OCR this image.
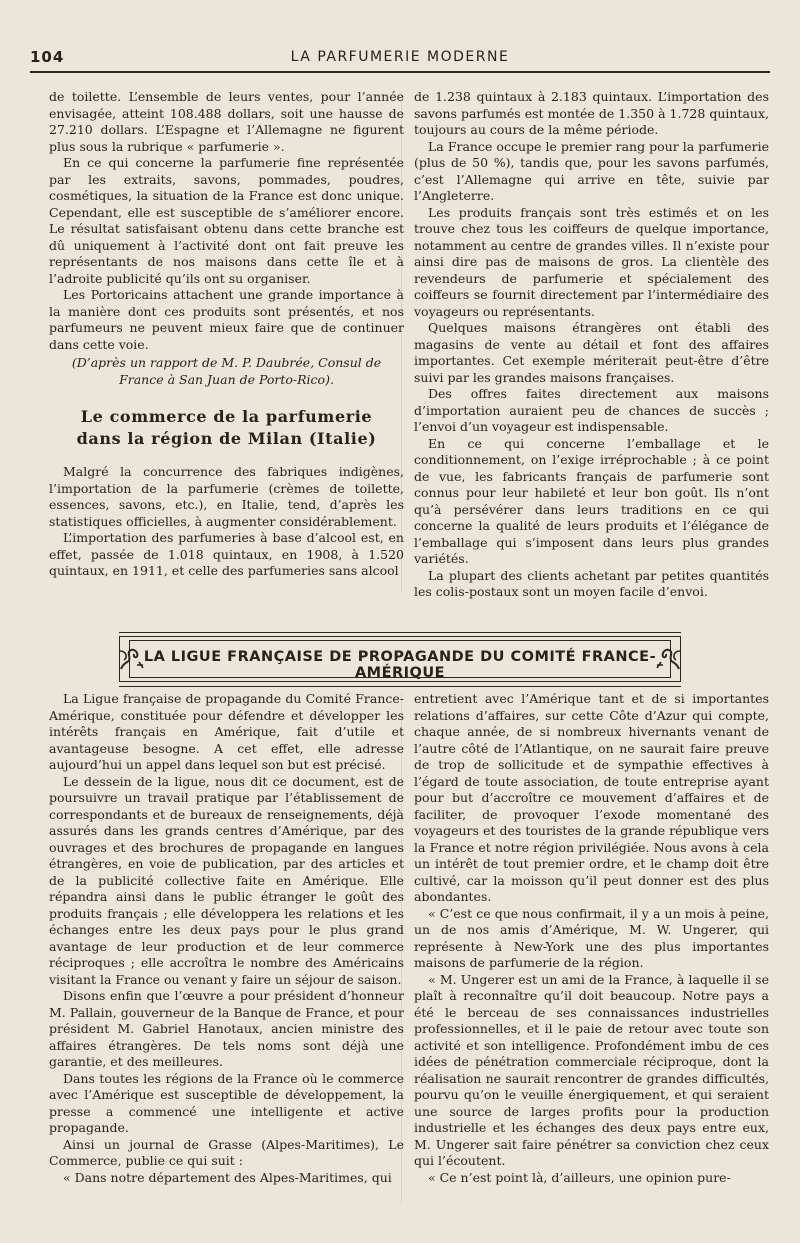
104	LA PARFUMERIE MODERNE

de toilette. L’ensemble de leurs ventes, pour l’année envisagée, atteint 108.488 dollars, soit une hausse de 27.210 dollars. L’Espagne et l’Allemagne ne figurent plus sous la rubrique « parfumerie ».

En ce qui concerne la parfumerie fine représentée par les extraits, savons, pommades, poudres, cosmétiques, la situation de la France est donc unique. Cependant, elle est susceptible de s’améliorer encore. Le résultat satisfaisant obtenu dans cette branche est dû uniquement à l’activité dont ont fait preuve les représentants de nos maisons dans cette île et à l’adroite publicité qu’ils ont su organiser.

Les Portoricains attachent une grande importance à la manière dont ces produits sont présentés, et nos parfumeurs ne peuvent mieux faire que de continuer dans cette voie.

(D’après un rapport de M. P. Daubrée, Consul de France à San Juan de Porto-Rico).

Le commerce de la parfumerie
dans la région de Milan (Italie)

Malgré la concurrence des fabriques indigènes, l’importation de la parfumerie (crèmes de toilette, essences, savons, etc.), en Italie, tend, d’après les statistiques officielles, à augmenter considérablement.

L’importation des parfumeries à base d’alcool est, en effet, passée de 1.018 quintaux, en 1908, à 1.520 quintaux, en 1911, et celle des parfumeries sans alcool

de 1.238 quintaux à 2.183 quintaux. L’importation des savons parfumés est montée de 1.350 à 1.728 quintaux, toujours au cours de la même période.

La France occupe le premier rang pour la parfumerie (plus de 50 %), tandis que, pour les savons parfumés, c’est l’Allemagne qui arrive en tête, suivie par l’Angleterre.

Les produits français sont très estimés et on les trouve chez tous les coiffeurs de quelque importance, notamment au centre de grandes villes. Il n’existe pour ainsi dire pas de maisons de gros. La clientèle des revendeurs de parfumerie et spécialement des coiffeurs se fournit directement par l’intermédiaire des voyageurs ou représentants.

Quelques maisons étrangères ont établi des magasins de vente au détail et font des affaires importantes. Cet exemple mériterait peut-être d’être suivi par les grandes maisons françaises.

Des offres faites directement aux maisons d’importation auraient peu de chances de succès ; l’envoi d’un voyageur est indispensable.

En ce qui concerne l’emballage et le conditionnement, on l’exige irréprochable ; à ce point de vue, les fabricants français de parfumerie sont connus pour leur habileté et leur bon goût. Ils n’ont qu’à persévérer dans leurs traditions en ce qui concerne la qualité de leurs produits et l’élégance de l’emballage qui s’imposent dans leurs plus grandes variétés.

La plupart des clients achetant par petites quantités les colis-postaux sont un moyen facile d’envoi.

LA LIGUE FRANÇAISE DE PROPAGANDE DU COMITÉ FRANCE-AMÉRIQUE

La Ligue française de propagande du Comité France-Amérique, constituée pour défendre et développer les intérêts français en Amérique, fait d’utile et avantageuse besogne. A cet effet, elle adresse aujourd’hui un appel dans lequel son but est précisé.

Le dessein de la ligue, nous dit ce document, est de poursuivre un travail pratique par l’établissement de correspondants et de bureaux de renseignements, déjà assurés dans les grands centres d’Amérique, par des ouvrages et des brochures de propagande en langues étrangères, en voie de publication, par des articles et de la publicité collective faite en Amérique. Elle répandra ainsi dans le public étranger le goût des produits français ; elle développera les relations et les échanges entre les deux pays pour le plus grand avantage de leur production et de leur commerce réciproques ; elle accroîtra le nombre des Américains visitant la France ou venant y faire un séjour de saison.

Disons enfin que l’œuvre a pour président d’honneur M. Pallain, gouverneur de la Banque de France, et pour président M. Gabriel Hanotaux, ancien ministre des affaires étrangères. De tels noms sont déjà une garantie, et des meilleures.

Dans toutes les régions de la France où le commerce avec l’Amérique est susceptible de développement, la presse a commencé une intelligente et active propagande.

Ainsi un journal de Grasse (Alpes-Maritimes), Le Commerce, publie ce qui suit :

« Dans notre département des Alpes-Maritimes, qui

entretient avec l’Amérique tant et de si importantes relations d’affaires, sur cette Côte d’Azur qui compte, chaque année, de si nombreux hivernants venant de l’autre côté de l’Atlantique, on ne saurait faire preuve de trop de sollicitude et de sympathie effectives à l’égard de toute association, de toute entreprise ayant pour but d’accroître ce mouvement d’affaires et de faciliter, de provoquer l’exode momentané des voyageurs et des touristes de la grande république vers la France et notre région privilégiée. Nous avons à cela un intérêt de tout premier ordre, et le champ doit être cultivé, car la moisson qu’il peut donner est des plus abondantes.

« C’est ce que nous confirmait, il y a un mois à peine, un de nos amis d’Amérique, M. W. Ungerer, qui représente à New-York une des plus importantes maisons de parfumerie de la région.

« M. Ungerer est un ami de la France, à laquelle il se plaît à reconnaître qu’il doit beaucoup. Notre pays a été le berceau de ses connaissances industrielles professionnelles, et il le paie de retour avec toute son activité et son intelligence. Profondément imbu de ces idées de pénétration commerciale réciproque, dont la réalisation ne saurait rencontrer de grandes difficultés, pourvu qu’on le veuille énergiquement, et qui seraient une source de larges profits pour la production industrielle et les échanges des deux pays entre eux, M. Ungerer sait faire pénétrer sa conviction chez ceux qui l’écoutent.

« Ce n’est point là, d’ailleurs, une opinion pure-
